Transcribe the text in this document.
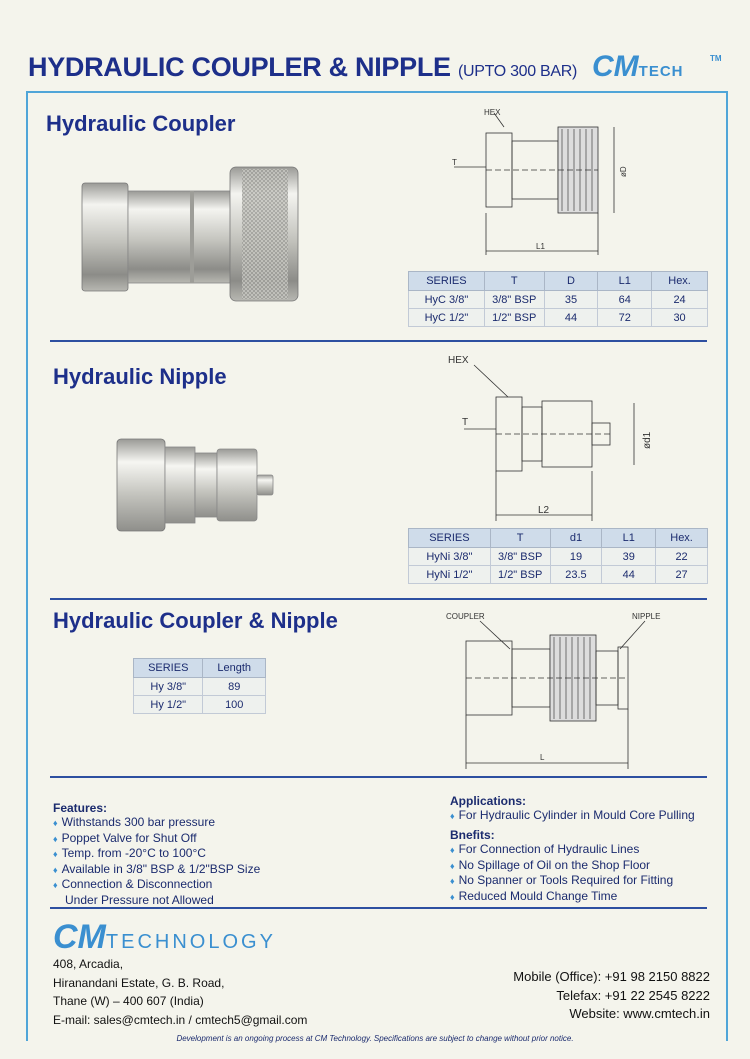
HYDRAULIC COUPLER & NIPPLE (UPTO 300 BAR) CMTECH
TM
Hydraulic Coupler	HEX
T
øD
L1
SERIES	T	D	L1	Hex.
HyC 3/8"	3/8" BSP	35	64	24
HyC 1/2"	1/2" BSP	44	72	30
Hydraulic Nipple
HEX
T
ød1
L2
SERIES	T	d1	L1	Hex.
HyNi 3/8"	3/8" BSP	19	39	22
HyNi 1/2"	1/2" BSP	23.5	44	27
Hydraulic Coupler & Nipple
SERIES	Length
Hy 3/8"	89
Hy 1/2"	100
COUPLER	NIPPLE
L
Features:
♦ Withstands 300 bar pressure
♦ Poppet Valve for Shut Off
♦ Temp. from -20°C to 100°C
♦ Available in 3/8" BSP & 1/2"BSP Size
♦ Connection & Disconnection
Under Pressure not Allowed
Applications:
♦ For Hydraulic Cylinder in Mould Core Pulling
Bnefits:
♦ For Connection of Hydraulic Lines
♦ No Spillage of Oil on the Shop Floor
♦ No Spanner or Tools Required for Fitting
♦ Reduced Mould Change Time
CMTECHNOLOGY
408, Arcadia,
Hiranandani Estate, G. B. Road,
Thane (W) – 400 607 (India)
E-mail: sales@cmtech.in / cmtech5@gmail.com
Mobile (Office): +91 98 2150 8822
Telefax: +91 22 2545 8222
Website: www.cmtech.in
Development is an ongoing process at CM Technology. Specifications are subject to change without prior notice.
